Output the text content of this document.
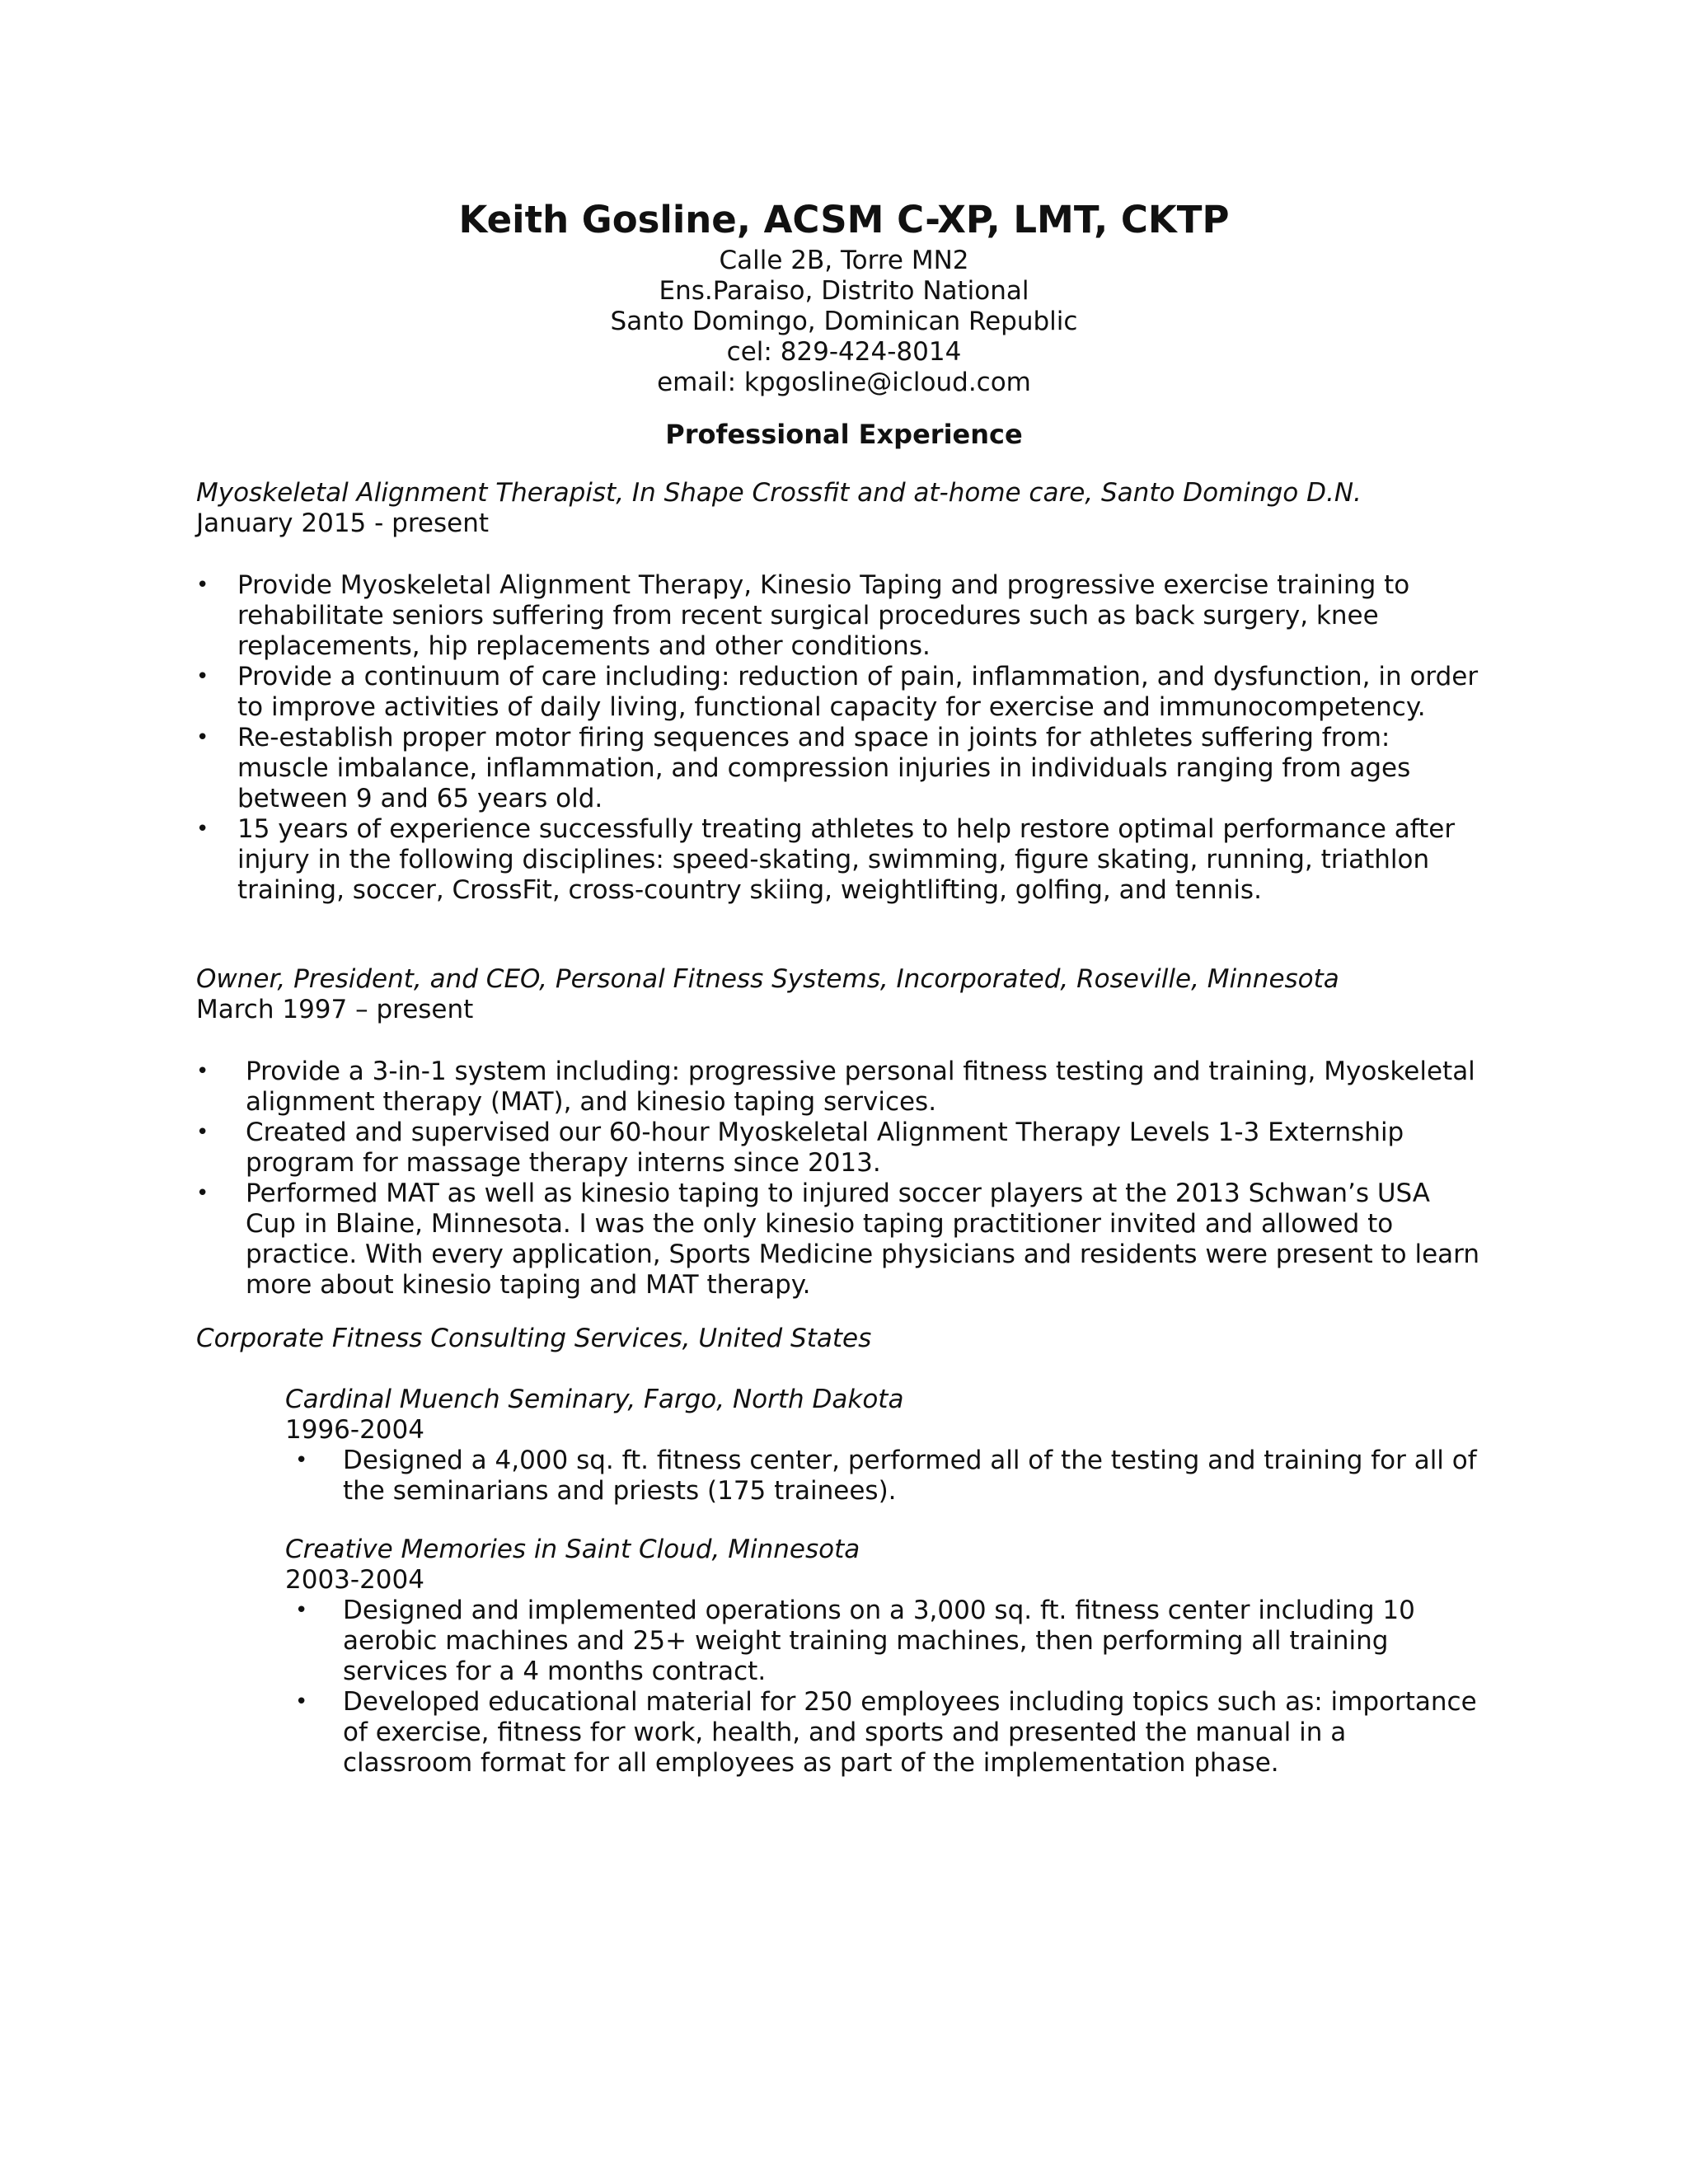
Keith Gosline, ACSM C-XP, LMT, CKTP
Calle 2B, Torre MN2
Ens.Paraiso, Distrito National
Santo Domingo, Dominican Republic
cel: 829-424-8014
email: kpgosline@icloud.com
Professional Experience
Myoskeletal Alignment Therapist, In Shape Crossfit and at-home care, Santo Domingo D.N.
January 2015 - present
• Provide Myoskeletal Alignment Therapy, Kinesio Taping and progressive exercise training to rehabilitate seniors suffering from recent surgical procedures such as back surgery, knee replacements, hip replacements and other conditions.
• Provide a continuum of care including: reduction of pain, inflammation, and dysfunction, in order to improve activities of daily living, functional capacity for exercise and immunocompetency.
• Re-establish proper motor firing sequences and space in joints for athletes suffering from: muscle imbalance, inflammation, and compression injuries in individuals ranging from ages between 9 and 65 years old.
• 15 years of experience successfully treating athletes to help restore optimal performance after injury in the following disciplines: speed-skating, swimming, figure skating, running, triathlon training, soccer, CrossFit, cross-country skiing, weightlifting, golfing, and tennis.
Owner, President, and CEO, Personal Fitness Systems, Incorporated, Roseville, Minnesota
March 1997 – present
• Provide a 3-in-1 system including: progressive personal fitness testing and training, Myoskeletal alignment therapy (MAT), and kinesio taping services.
• Created and supervised our 60-hour Myoskeletal Alignment Therapy Levels 1-3 Externship program for massage therapy interns since 2013.
• Performed MAT as well as kinesio taping to injured soccer players at the 2013 Schwan’s USA Cup in Blaine, Minnesota. I was the only kinesio taping practitioner invited and allowed to practice. With every application, Sports Medicine physicians and residents were present to learn more about kinesio taping and MAT therapy.
Corporate Fitness Consulting Services, United States
Cardinal Muench Seminary, Fargo, North Dakota
1996-2004
• Designed a 4,000 sq. ft. fitness center, performed all of the testing and training for all of the seminarians and priests (175 trainees).
Creative Memories in Saint Cloud, Minnesota
2003-2004
• Designed and implemented operations on a 3,000 sq. ft. fitness center including 10 aerobic machines and 25+ weight training machines, then performing all training services for a 4 months contract.
• Developed educational material for 250 employees including topics such as: importance of exercise, fitness for work, health, and sports and presented the manual in a classroom format for all employees as part of the implementation phase.
